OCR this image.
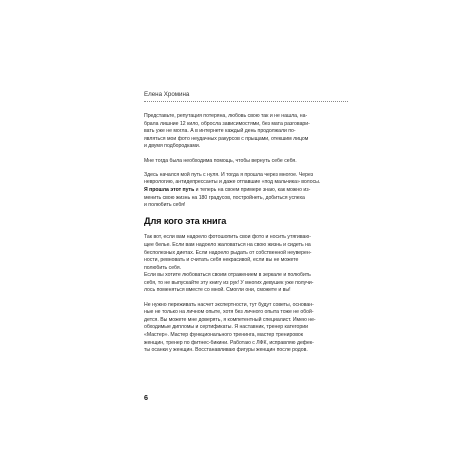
Елена Хромина

Представьте, репутация потеряна, любовь свою так и не нашла, на-
брала лишние 12 кило, обросла зависимостями, без мата разговари-
вать уже не могла. А в интернете каждый день продолжали по-
являться мои фото неудачных ракурсов с прыщами, отекшим лицом
и двумя подбородками.

Мне тогда была необходима помощь, чтобы вернуть себе себя.

Здесь начался мой путь с нуля. И тогда я прошла через многое. Через
неврологию, антидепрессанты и даже отпавшие «под мальчика» волосы.
Я прошла этот путь и теперь на своем примере знаю, как можно из-
менить свою жизнь на 180 градусов, постройнеть, добиться успеха
и полюбить себя!

Для кого эта книга

Так вот, если вам надоело фотошопить свои фото и носить утягиваю-
щее белье. Если вам надоело жаловаться на свою жизнь и сидеть на
бесполезных диетах. Если надоело рыдать от собственной неуверен-
ности, ревновать и считать себя некрасивой, если вы не можете
полюбить себя.
Если вы хотите любоваться своим отражением в зеркале и полюбить
себя, то не выпускайте эту книгу из рук! У многих девушек уже получи-
лось поменяться вместе со мной. Смогли они, сможете и вы!

Не нужно переживать насчет экспертности, тут будут советы, основан-
ные не только на личном опыте, хотя без личного опыта тоже не обой-
дется. Вы можете мне доверять, я компетентный специалист. Имею не-
обходимые дипломы и сертификаты. Я наставник, тренер категории
«Мастер». Мастер функционального тренинга, мастер тренировок
женщин, тренер по фитнес-бикини. Работаю с ЛФК, исправляю дефек-
ты осанки у женщин. Восстанавливаю фигуры женщин после родов.

6
